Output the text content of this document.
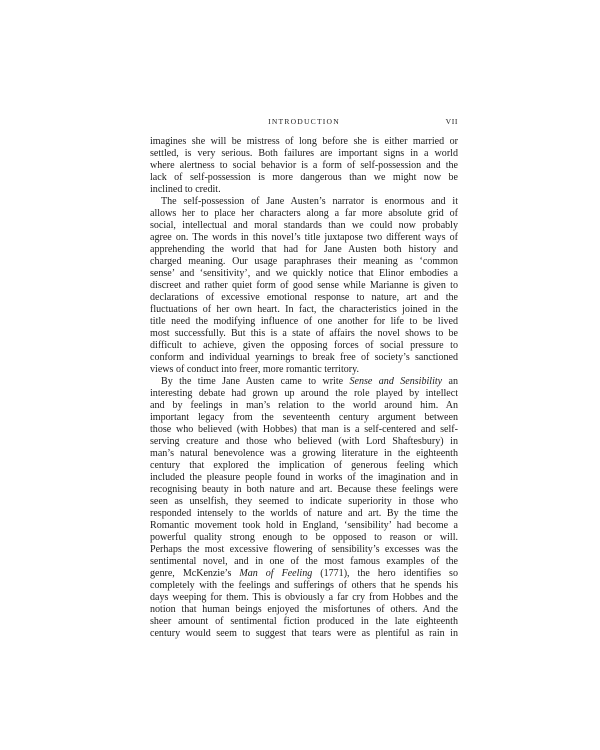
INTRODUCTION	VII
imagines she will be mistress of long before she is either married or
settled, is very serious. Both failures are important signs in a world
where alertness to social behavior is a form of self-possession and the
lack of self-possession is more dangerous than we might now be
inclined to credit.
The self-possession of Jane Austen’s narrator is enormous and it
allows her to place her characters along a far more absolute grid of
social, intellectual and moral standards than we could now probably
agree on. The words in this novel’s title juxtapose two different ways of
apprehending the world that had for Jane Austen both history and
charged meaning. Our usage paraphrases their meaning as ‘common
sense’ and ‘sensitivity’, and we quickly notice that Elinor embodies a
discreet and rather quiet form of good sense while Marianne is given to
declarations of excessive emotional response to nature, art and the
fluctuations of her own heart. In fact, the characteristics joined in the
title need the modifying influence of one another for life to be lived
most successfully. But this is a state of affairs the novel shows to be
difficult to achieve, given the opposing forces of social pressure to
conform and individual yearnings to break free of society’s sanctioned
views of conduct into freer, more romantic territory.
By the time Jane Austen came to write Sense and Sensibility an
interesting debate had grown up around the role played by intellect
and by feelings in man’s relation to the world around him. An
important legacy from the seventeenth century argument between
those who believed (with Hobbes) that man is a self-centered and self-
serving creature and those who believed (with Lord Shaftesbury) in
man’s natural benevolence was a growing literature in the eighteenth
century that explored the implication of generous feeling which
included the pleasure people found in works of the imagination and in
recognising beauty in both nature and art. Because these feelings were
seen as unselfish, they seemed to indicate superiority in those who
responded intensely to the worlds of nature and art. By the time the
Romantic movement took hold in England, ‘sensibility’ had become a
powerful quality strong enough to be opposed to reason or will.
Perhaps the most excessive flowering of sensibility’s excesses was the
sentimental novel, and in one of the most famous examples of the
genre, McKenzie’s Man of Feeling (1771), the hero identifies so
completely with the feelings and sufferings of others that he spends his
days weeping for them. This is obviously a far cry from Hobbes and the
notion that human beings enjoyed the misfortunes of others. And the
sheer amount of sentimental fiction produced in the late eighteenth
century would seem to suggest that tears were as plentiful as rain in
